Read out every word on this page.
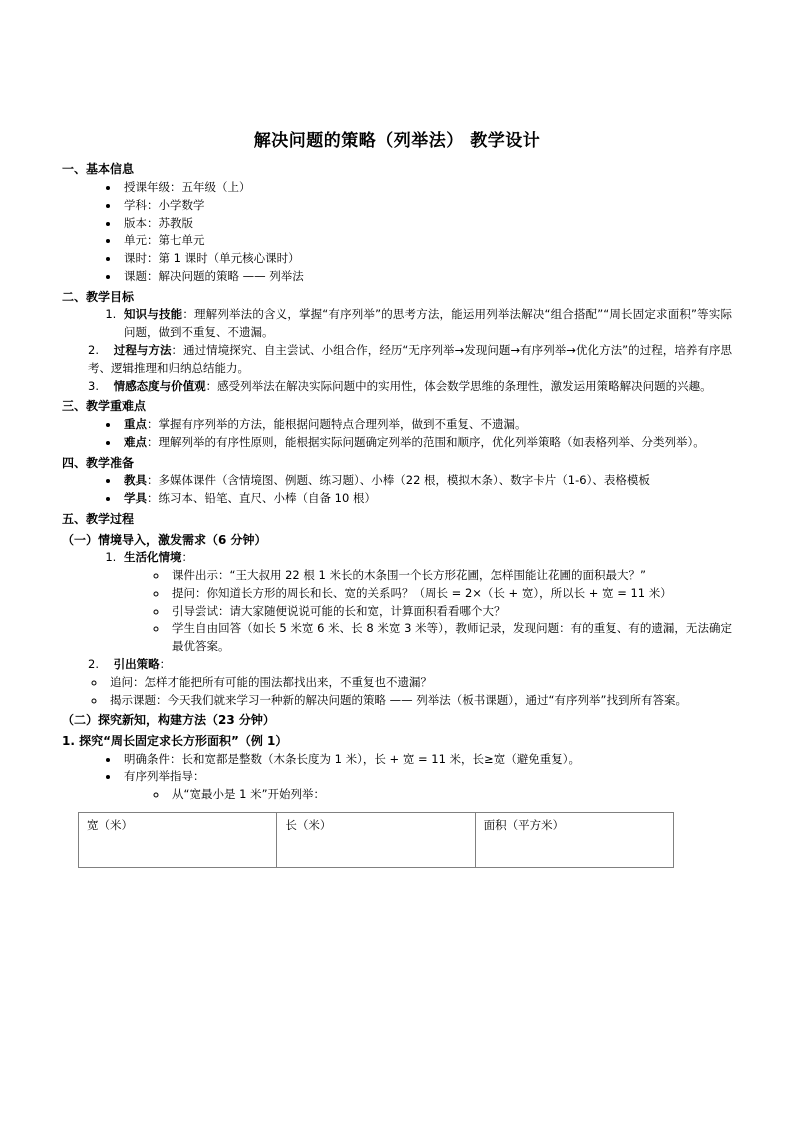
解决问题的策略（列举法） 教学设计
一、基本信息
• 授课年级：五年级（上）
• 学科：小学数学
• 版本：苏教版
• 单元：第七单元
• 课时：第 1 课时（单元核心课时）
• 课题：解决问题的策略 —— 列举法
二、教学目标
1. 知识与技能：理解列举法的含义，掌握“有序列举”的思考方法，能运用列举法解决“组合搭配”“周长固定求面积”等实际问题，做到不重复、不遗漏。
2. 过程与方法：通过情境探究、自主尝试、小组合作，经历“无序列举→发现问题→有序列举→优化方法”的过程，培养有序思考、逻辑推理和归纳总结能力。
3. 情感态度与价值观：感受列举法在解决实际问题中的实用性，体会数学思维的条理性，激发运用策略解决问题的兴趣。
三、教学重难点
• 重点：掌握有序列举的方法，能根据问题特点合理列举，做到不重复、不遗漏。
• 难点：理解列举的有序性原则，能根据实际问题确定列举的范围和顺序，优化列举策略（如表格列举、分类列举）。
四、教学准备
• 教具：多媒体课件（含情境图、例题、练习题）、小棒（22 根，模拟木条）、数字卡片（1-6）、表格模板
• 学具：练习本、铅笔、直尺、小棒（自备 10 根）
五、教学过程
（一）情境导入，激发需求（6 分钟）
1. 生活化情境：
◦ 课件出示：“王大叔用 22 根 1 米长的木条围一个长方形花圃，怎样围能让花圃的面积最大？”
◦ 提问：你知道长方形的周长和长、宽的关系吗？（周长 = 2×（长 + 宽），所以长 + 宽 = 11 米）
◦ 引导尝试：请大家随便说说可能的长和宽，计算面积看看哪个大？
◦ 学生自由回答（如长 5 米宽 6 米、长 8 米宽 3 米等），教师记录，发现问题：有的重复、有的遗漏，无法确定最优答案。
2. 引出策略：
◦ 追问：怎样才能把所有可能的围法都找出来，不重复也不遗漏？
◦ 揭示课题：今天我们就来学习一种新的解决问题的策略 —— 列举法（板书课题），通过“有序列举”找到所有答案。
（二）探究新知，构建方法（23 分钟）
1. 探究“周长固定求长方形面积”（例 1）
• 明确条件：长和宽都是整数（木条长度为 1 米），长 + 宽 = 11 米，长≥宽（避免重复）。
• 有序列举指导：
◦ 从“宽最小是 1 米”开始列举：
宽（米）	长（米）	面积（平方米）
